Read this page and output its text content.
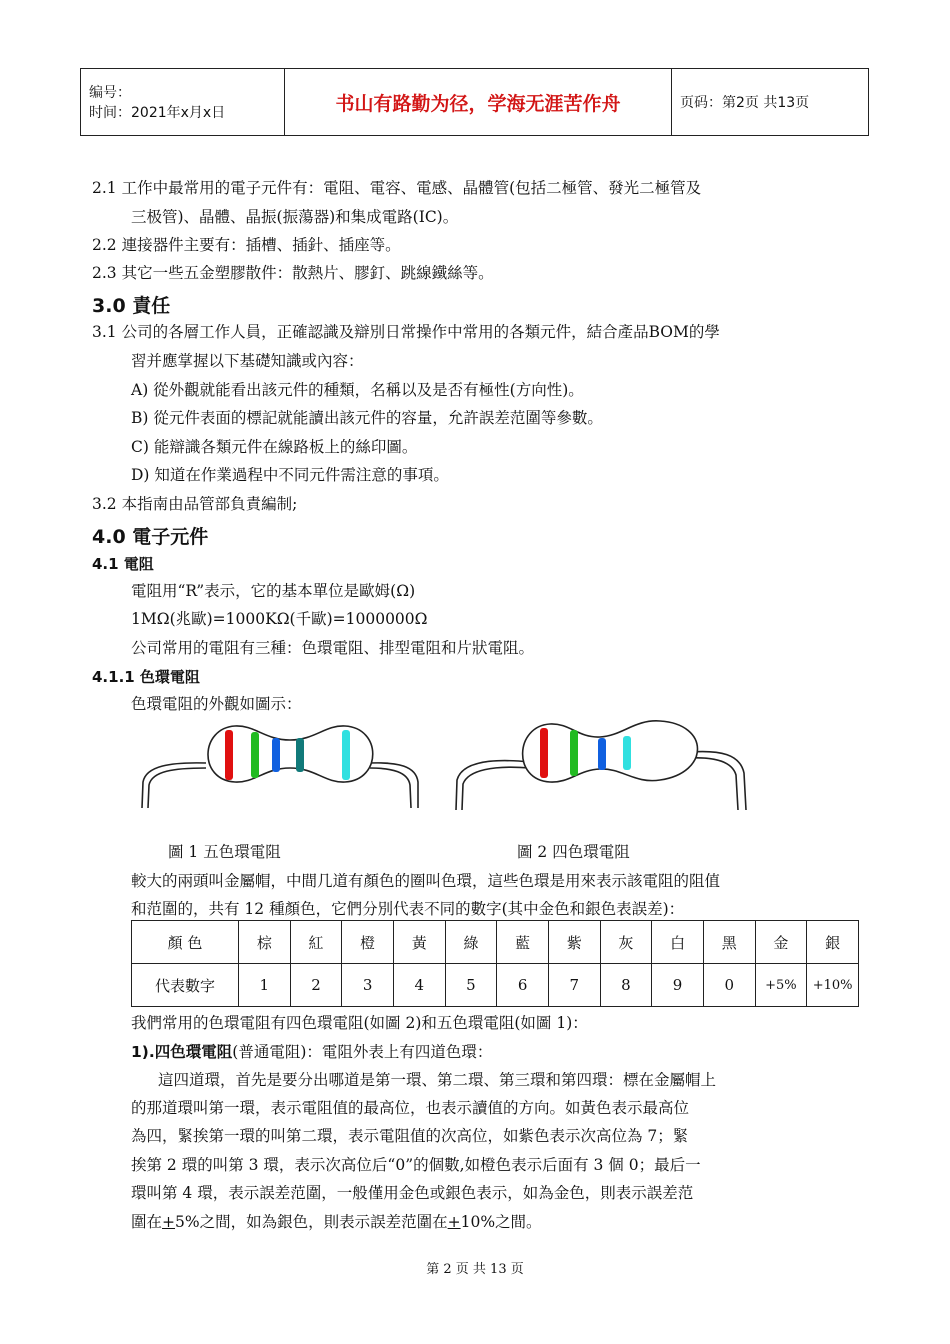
编号：
时间：2021年x月x日	书山有路勤为径，学海无涯苦作舟	页码：第2页 共13页
2.1 工作中最常用的電子元件有：電阻、電容、電感、晶體管(包括二極管、發光二極管及
三极管)、晶體、晶振(振蕩器)和集成電路(IC)。
2.2 連接器件主要有：插槽、插針、插座等。
2.3 其它一些五金塑膠散件：散熱片、膠釘、跳線鐵絲等。
3.0 責任
3.1 公司的各層工作人員，正確認識及辯別日常操作中常用的各類元件，結合產品BOM的學
習并應掌握以下基礎知識或內容：
A) 從外觀就能看出該元件的種類，名稱以及是否有極性(方向性)。
B) 從元件表面的標記就能讀出該元件的容量，允許誤差范圍等參數。
C) 能辯識各類元件在線路板上的絲印圖。
D) 知道在作業過程中不同元件需注意的事項。
3.2 本指南由品管部負責編制;
4.0 電子元件
4.1 電阻
電阻用“R”表示，它的基本單位是歐姆(Ω)
1MΩ(兆歐)=1000KΩ(千歐)=1000000Ω
公司常用的電阻有三種：色環電阻、排型電阻和片狀電阻。
4.1.1 色環電阻
色環電阻的外觀如圖示：
圖 1 五色環電阻	圖 2 四色環電阻
較大的兩頭叫金屬帽，中間几道有顏色的圈叫色環，這些色環是用來表示該電阻的阻值
和范圍的，共有 12 種顏色，它們分別代表不同的數字(其中金色和銀色表誤差)：
顏 色	棕	紅	橙	黃	綠	藍	紫	灰	白	黑	金	銀
代表數字	1	2	3	4	5	6	7	8	9	0	+5%	+10%
我們常用的色環電阻有四色環電阻(如圖 2)和五色環電阻(如圖 1)：
1).四色環電阻(普通電阻)：電阻外表上有四道色環：
這四道環，首先是要分出哪道是第一環、第二環、第三環和第四環：標在金屬帽上
的那道環叫第一環，表示電阻值的最高位，也表示讀值的方向。如黃色表示最高位
為四，緊挨第一環的叫第二環，表示電阻值的次高位，如紫色表示次高位為 7；緊
挨第 2 環的叫第 3 環，表示次高位后“0”的個數,如橙色表示后面有 3 個 0；最后一
環叫第 4 環，表示誤差范圍，一般僅用金色或銀色表示，如為金色，則表示誤差范
圍在+5%之間，如為銀色，則表示誤差范圍在+10%之間。
第 2 页 共 13 页
